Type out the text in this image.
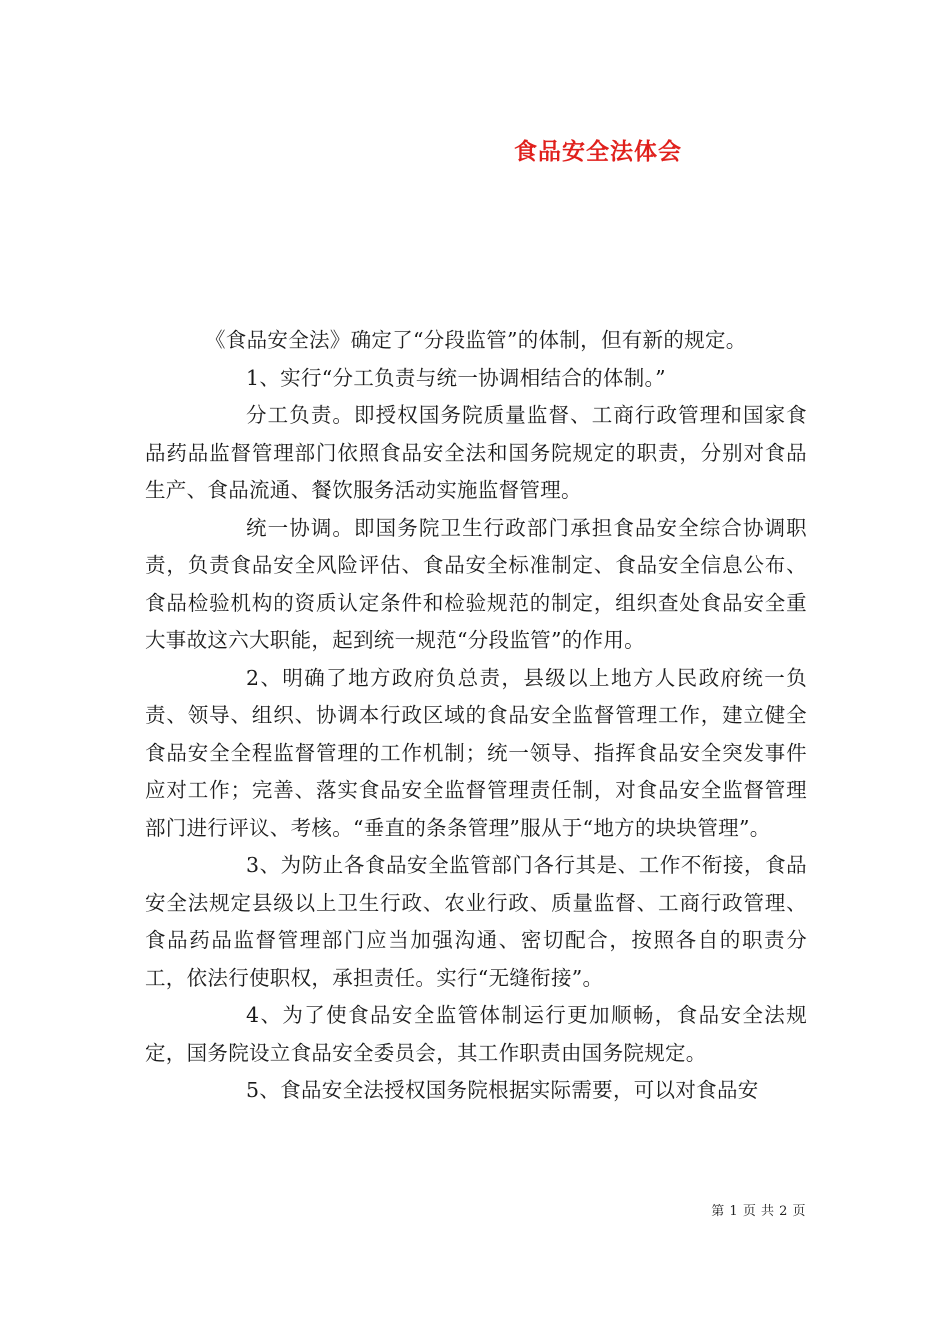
食品安全法体会

《食品安全法》确定了“分段监管”的体制，但有新的规定。

1、实行“分工负责与统一协调相结合的体制。”

分工负责。即授权国务院质量监督、工商行政管理和国家食品药品监督管理部门依照食品安全法和国务院规定的职责，分别对食品生产、食品流通、餐饮服务活动实施监督管理。

统一协调。即国务院卫生行政部门承担食品安全综合协调职责，负责食品安全风险评估、食品安全标准制定、食品安全信息公布、食品检验机构的资质认定条件和检验规范的制定，组织查处食品安全重大事故这六大职能，起到统一规范“分段监管”的作用。

2、明确了地方政府负总责，县级以上地方人民政府统一负责、领导、组织、协调本行政区域的食品安全监督管理工作，建立健全食品安全全程监督管理的工作机制；统一领导、指挥食品安全突发事件应对工作；完善、落实食品安全监督管理责任制，对食品安全监督管理部门进行评议、考核。“垂直的条条管理”服从于“地方的块块管理”。

3、为防止各食品安全监管部门各行其是、工作不衔接，食品安全法规定县级以上卫生行政、农业行政、质量监督、工商行政管理、食品药品监督管理部门应当加强沟通、密切配合，按照各自的职责分工，依法行使职权，承担责任。实行“无缝衔接”。

4、为了使食品安全监管体制运行更加顺畅，食品安全法规定，国务院设立食品安全委员会，其工作职责由国务院规定。

5、食品安全法授权国务院根据实际需要，可以对食品安

第 1 页 共 2 页
